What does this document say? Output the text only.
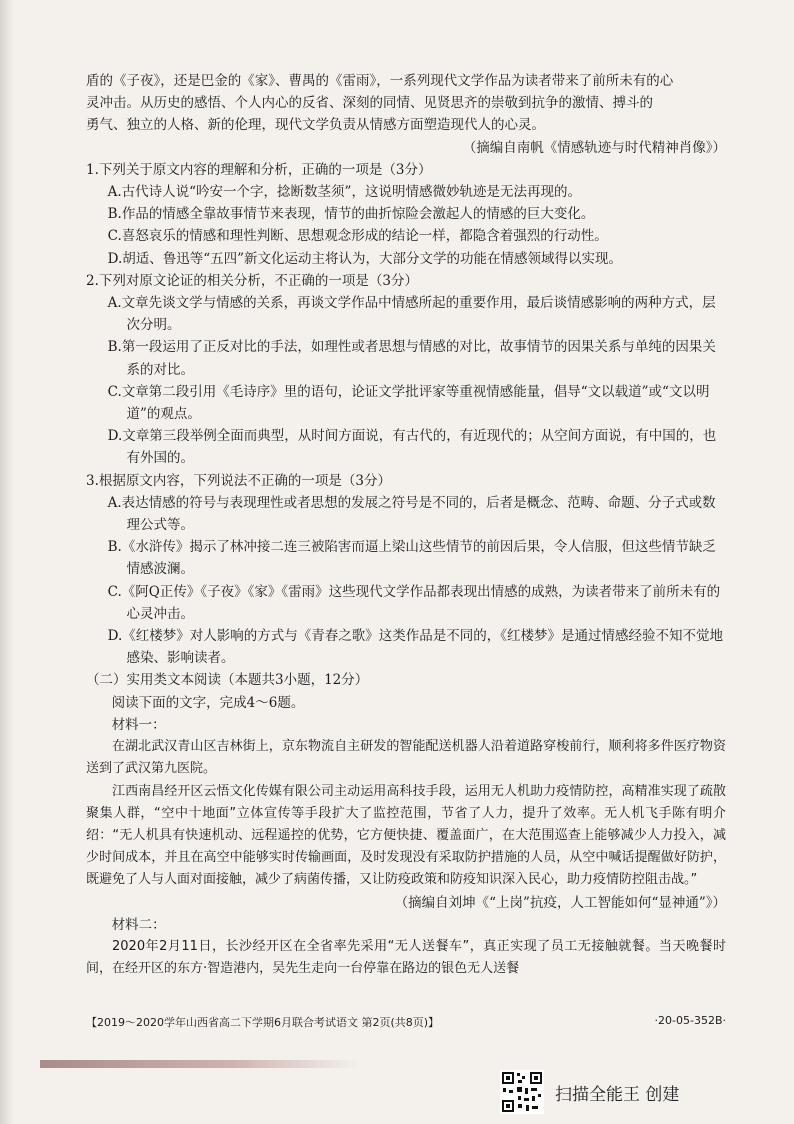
盾的《子夜》，还是巴金的《家》、曹禺的《雷雨》，一系列现代文学作品为读者带来了前所未有的心

灵冲击。从历史的感悟、个人内心的反省、深刻的同情、见贤思齐的崇敬到抗争的激情、搏斗的

勇气、独立的人格、新的伦理，现代文学负责从情感方面塑造现代人的心灵。

（摘编自南帆《情感轨迹与时代精神肖像》）

1.下列关于原文内容的理解和分析，正确的一项是（3分）

A.古代诗人说“吟安一个字，捻断数茎须”，这说明情感微妙轨迹是无法再现的。

B.作品的情感全靠故事情节来表现，情节的曲折惊险会激起人的情感的巨大变化。

C.喜怒哀乐的情感和理性判断、思想观念形成的结论一样，都隐含着强烈的行动性。

D.胡适、鲁迅等“五四”新文化运动主将认为，大部分文学的功能在情感领域得以实现。

2.下列对原文论证的相关分析，不正确的一项是（3分）

A.文章先谈文学与情感的关系，再谈文学作品中情感所起的重要作用，最后谈情感影响的两种方式，层次分明。

B.第一段运用了正反对比的手法，如理性或者思想与情感的对比，故事情节的因果关系与单纯的因果关系的对比。

C.文章第二段引用《毛诗序》里的语句，论证文学批评家等重视情感能量，倡导“文以载道”或“文以明道”的观点。

D.文章第三段举例全面而典型，从时间方面说，有古代的，有近现代的；从空间方面说，有中国的，也有外国的。

3.根据原文内容，下列说法不正确的一项是（3分）

A.表达情感的符号与表现理性或者思想的发展之符号是不同的，后者是概念、范畴、命题、分子式或数理公式等。

B.《水浒传》揭示了林冲接二连三被陷害而逼上梁山这些情节的前因后果，令人信服，但这些情节缺乏情感波澜。

C.《阿Q正传》《子夜》《家》《雷雨》这些现代文学作品都表现出情感的成熟，为读者带来了前所未有的心灵冲击。

D.《红楼梦》对人影响的方式与《青春之歌》这类作品是不同的，《红楼梦》是通过情感经验不知不觉地感染、影响读者。

（二）实用类文本阅读（本题共3小题，12分）

阅读下面的文字，完成4～6题。

材料一：

在湖北武汉青山区吉林街上，京东物流自主研发的智能配送机器人沿着道路穿梭前行，顺利将多件医疗物资送到了武汉第九医院。

江西南昌经开区云悟文化传媒有限公司主动运用高科技手段，运用无人机助力疫情防控，高精准实现了疏散聚集人群，“空中十地面”立体宣传等手段扩大了监控范围，节省了人力，提升了效率。无人机飞手陈有明介绍：“无人机具有快速机动、远程遥控的优势，它方便快捷、覆盖面广，在大范围巡查上能够减少人力投入，减少时间成本，并且在高空中能够实时传输画面，及时发现没有采取防护措施的人员，从空中喊话提醒做好防护，既避免了人与人面对面接触，减少了病菌传播，又让防疫政策和防疫知识深入民心，助力疫情防控阻击战。”

（摘编自刘坤《“上岗”抗疫，人工智能如何“显神通”》）

材料二：

2020年2月11日，长沙经开区在全省率先采用“无人送餐车”，真正实现了员工无接触就餐。当天晚餐时间，在经开区的东方·智造港内，吴先生走向一台停靠在路边的银色无人送餐

【2019～2020学年山西省高二下学期6月联合考试语文 第2页(共8页)】	·20-05-352B·
扫描全能王 创建
